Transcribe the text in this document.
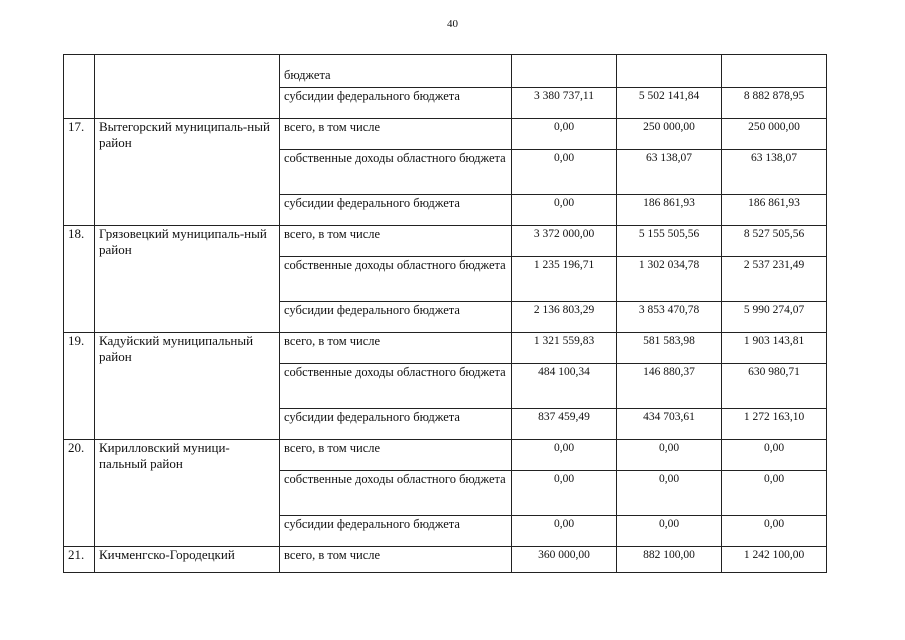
40
		бюджета			
		субсидии федерального бюджета	3 380 737,11	5 502 141,84	8 882 878,95
17.	Вытегорский муниципаль-ный район	всего, в том числе	0,00	250 000,00	250 000,00
		собственные доходы областного бюджета	0,00	63 138,07	63 138,07
		субсидии федерального бюджета	0,00	186 861,93	186 861,93
18.	Грязовецкий муниципаль-ный район	всего, в том числе	3 372 000,00	5 155 505,56	8 527 505,56
		собственные доходы областного бюджета	1 235 196,71	1 302 034,78	2 537 231,49
		субсидии федерального бюджета	2 136 803,29	3 853 470,78	5 990 274,07
19.	Кадуйский муниципальный район	всего, в том числе	1 321 559,83	581 583,98	1 903 143,81
		собственные доходы областного бюджета	484 100,34	146 880,37	630 980,71
		субсидии федерального бюджета	837 459,49	434 703,61	1 272 163,10
20.	Кирилловский муници-пальный район	всего, в том числе	0,00	0,00	0,00
		собственные доходы областного бюджета	0,00	0,00	0,00
		субсидии федерального бюджета	0,00	0,00	0,00
21.	Кичменгско-Городецкий	всего, в том числе	360 000,00	882 100,00	1 242 100,00
